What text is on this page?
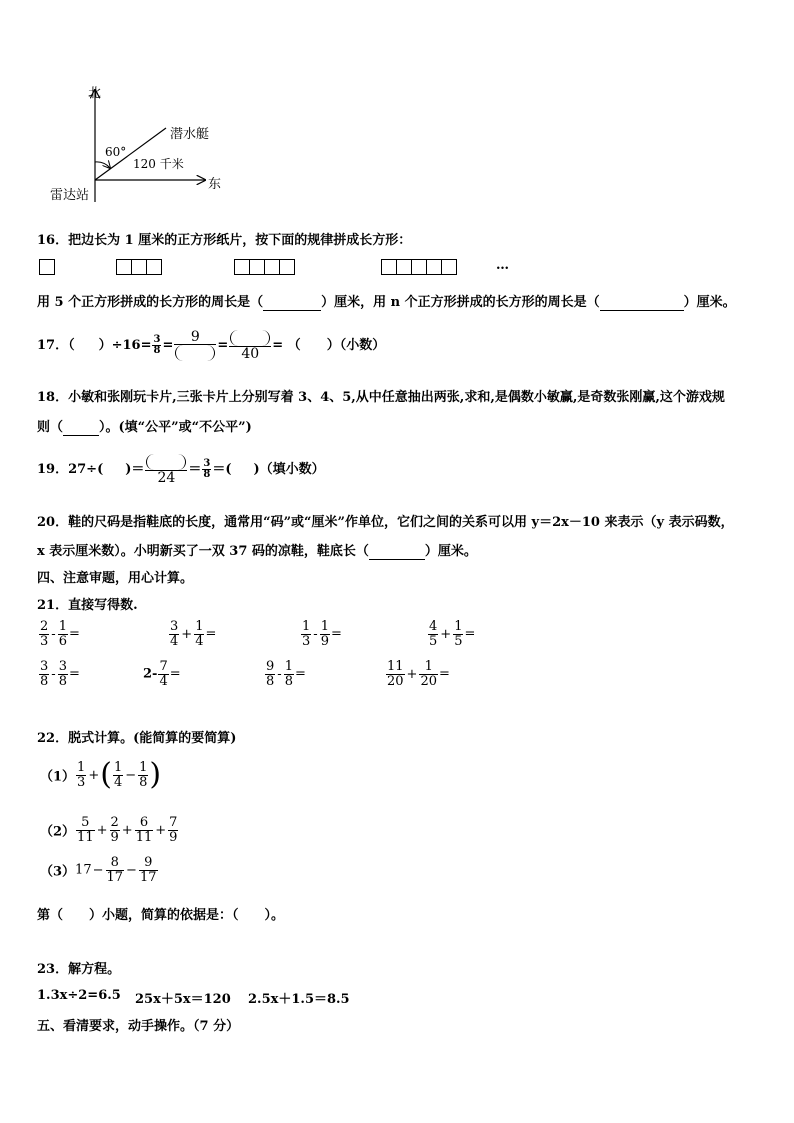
北
东
雷达站
潜水艇
60°
120 千米
16．把边长为 1 厘米的正方形纸片，按下面的规律拼成长方形：
…
用 5 个正方形拼成的长方形的周长是（	）厘米，用 n 个正方形拼成的长方形的周长是（	）厘米。
17．（ ）$\div 16= \frac{3}{8}$ =
9
=
40
= （ ）（小数）
18．小敏和张刚玩卡片,三张卡片上分别写着 3、4、5,从中任意抽出两张,求和,是偶数小敏赢,是奇数张刚赢,这个游戏规
则（	）。(填“公平”或“不公平”)
19．27÷( )＝
24
＝ $\frac{3}{8}$ ＝( )（填小数）
20．鞋的尺码是指鞋底的长度，通常用“码”或“厘米”作单位，它们之间的关系可以用 y＝2x－10 来表示（y 表示码数，
x 表示厘米数）。小明新买了一双 37 码的凉鞋，鞋底长（	）厘米。
四、注意审题，用心计算。
21．直接写得数.
$\frac{2}{3} - \frac{1}{6}$ =	$\frac{3}{4} + \frac{1}{4}$ =	$\frac{1}{3} - \frac{1}{9}$ =	$\frac{4}{5} + \frac{1}{5}$ =
$\frac{3}{8} - \frac{3}{8}$ =	$2- \frac{7}{4}$ =	$\frac{9}{8} - \frac{1}{8}$ =	$\frac{11}{20} + \frac{1}{20}$ =
22．脱式计算。(能简算的要简算)
$(1) \frac{1}{3}$ +( $\frac{1}{4} - \frac{1}{8}$ )
$(2) \frac{5}{11} + \frac{2}{9} + \frac{6}{11} + \frac{7}{9}$
$(3)17- \frac{8}{17} - \frac{9}{17}$
第（　　）小题，简算的依据是：（　　）。
23．解方程。
1.3x÷2=6.5 25x＋5x＝120 2.5x＋1.5＝8.5
五、看清要求，动手操作。（7 分）
